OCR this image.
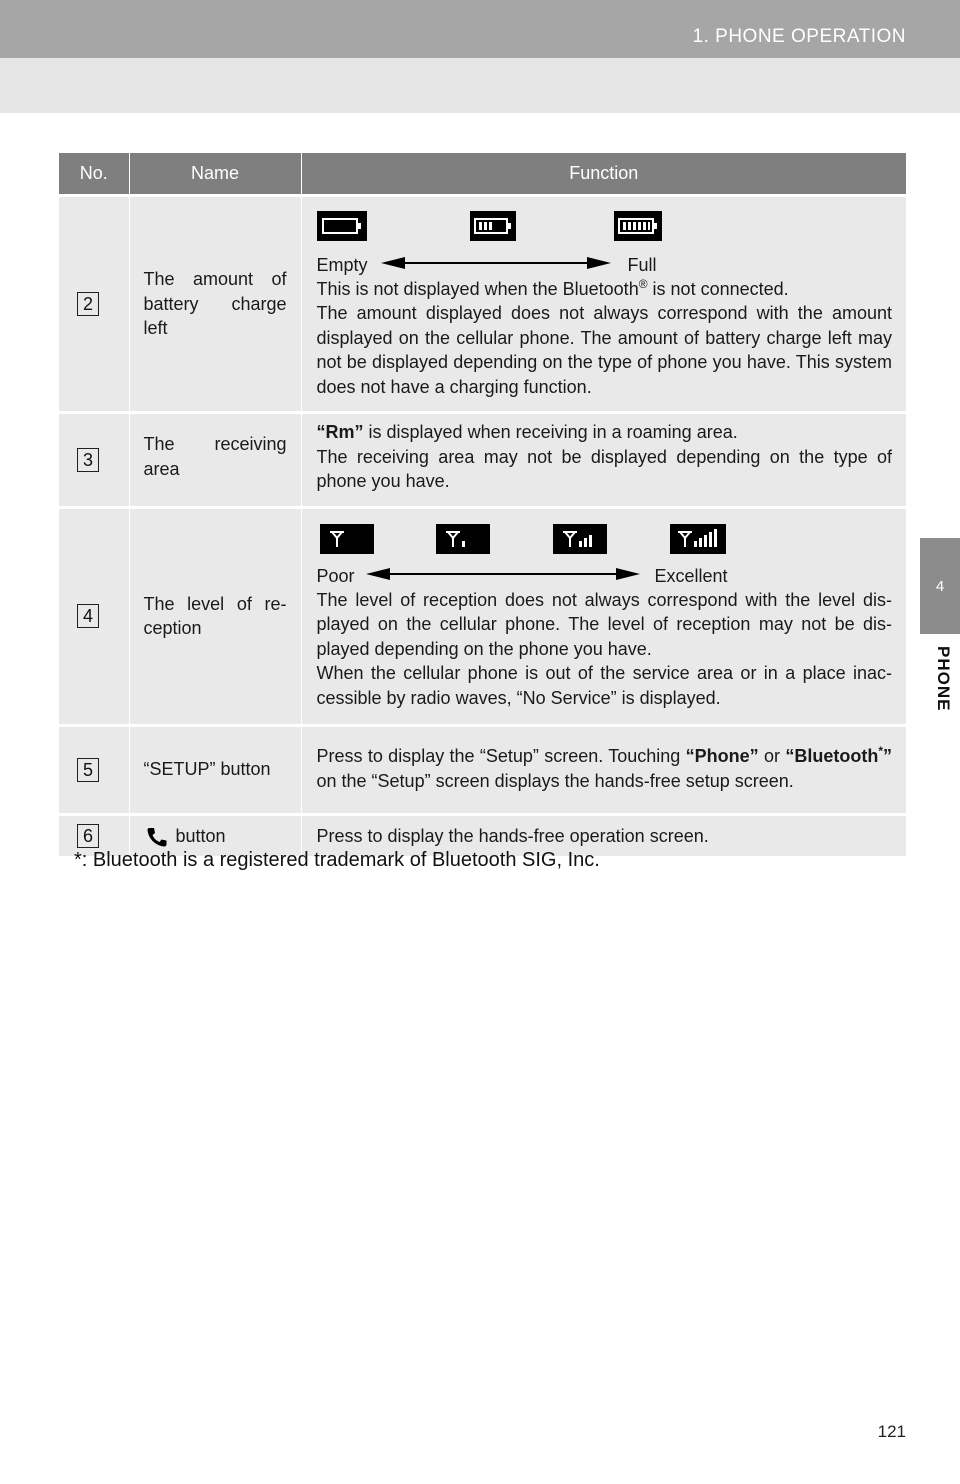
1. PHONE OPERATION
4
PHONE
No.	Name	Function

2	The amount of battery charge left	Empty Full
This is not displayed when the Bluetooth® is not connected.
The amount displayed does not always correspond with the amount displayed on the cellular phone. The amount of battery charge left may not be displayed depending on the type of phone you have. This system does not have a charging function.

3	The receiving area	“Rm” is displayed when receiving in a roaming area.
The receiving area may not be displayed depending on the type of phone you have.

4	The level of re-ception	Poor Excellent
The level of reception does not always correspond with the level dis-played on the cellular phone. The level of reception may not be dis-played depending on the phone you have.
When the cellular phone is out of the service area or in a place inac-cessible by radio waves, “No Service” is displayed.

5	“SETUP” button	Press to display the “Setup” screen. Touching “Phone” or “Bluetooth*” on the “Setup” screen displays the hands-free setup screen.

6	button	Press to display the hands-free operation screen.
*: Bluetooth is a registered trademark of Bluetooth SIG, Inc.
121
